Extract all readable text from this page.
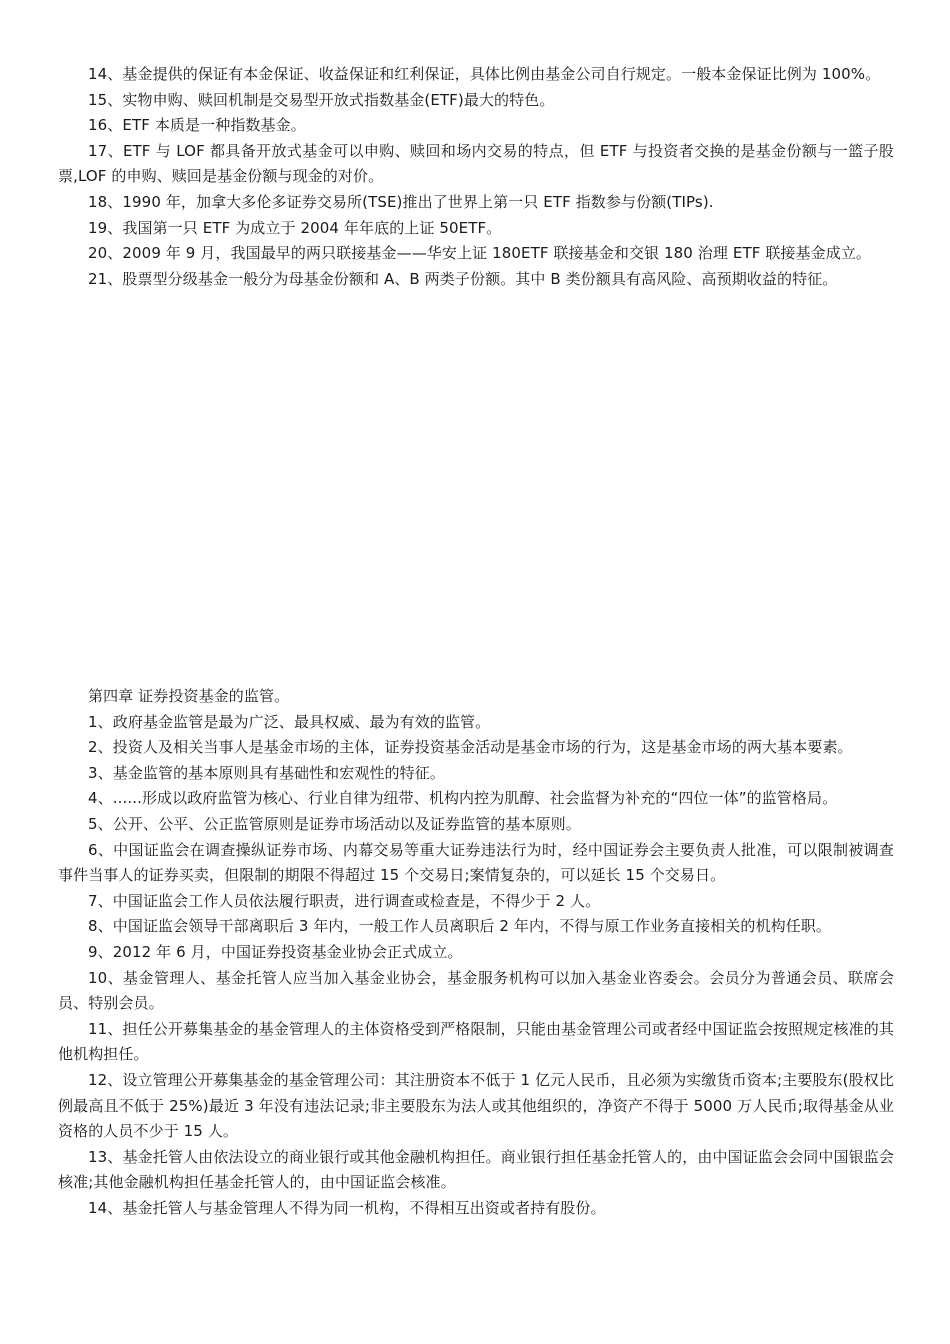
14、基金提供的保证有本金保证、收益保证和红利保证，具体比例由基金公司自行规定。一般本金保证比例为 100%。

15、实物申购、赎回机制是交易型开放式指数基金(ETF)最大的特色。

16、ETF 本质是一种指数基金。

17、ETF 与 LOF 都具备开放式基金可以申购、赎回和场内交易的特点，但 ETF 与投资者交换的是基金份额与一篮子股票,LOF 的申购、赎回是基金份额与现金的对价。

18、1990 年，加拿大多伦多证券交易所(TSE)推出了世界上第一只 ETF 指数参与份额(TIPs).

19、我国第一只 ETF 为成立于 2004 年年底的上证 50ETF。

20、2009 年 9 月，我国最早的两只联接基金——华安上证 180ETF 联接基金和交银 180 治理 ETF 联接基金成立。

21、股票型分级基金一般分为母基金份额和 A、B 两类子份额。其中 B 类份额具有高风险、高预期收益的特征。

第四章 证券投资基金的监管。

1、政府基金监管是最为广泛、最具权威、最为有效的监管。

2、投资人及相关当事人是基金市场的主体，证券投资基金活动是基金市场的行为，这是基金市场的两大基本要素。

3、基金监管的基本原则具有基础性和宏观性的特征。

4、......形成以政府监管为核心、行业自律为纽带、机构内控为肌醇、社会监督为补充的“四位一体”的监管格局。

5、公开、公平、公正监管原则是证券市场活动以及证券监管的基本原则。

6、中国证监会在调查操纵证券市场、内幕交易等重大证券违法行为时，经中国证券会主要负责人批准，可以限制被调查事件当事人的证券买卖，但限制的期限不得超过 15 个交易日;案情复杂的，可以延长 15 个交易日。

7、中国证监会工作人员依法履行职责，进行调查或检查是，不得少于 2 人。

8、中国证监会领导干部离职后 3 年内，一般工作人员离职后 2 年内，不得与原工作业务直接相关的机构任职。

9、2012 年 6 月，中国证券投资基金业协会正式成立。

10、基金管理人、基金托管人应当加入基金业协会，基金服务机构可以加入基金业咨委会。会员分为普通会员、联席会员、特别会员。

11、担任公开募集基金的基金管理人的主体资格受到严格限制，只能由基金管理公司或者经中国证监会按照规定核准的其他机构担任。

12、设立管理公开募集基金的基金管理公司：其注册资本不低于 1 亿元人民币，且必须为实缴货币资本;主要股东(股权比例最高且不低于 25%)最近 3 年没有违法记录;非主要股东为法人或其他组织的，净资产不得于 5000 万人民币;取得基金从业资格的人员不少于 15 人。

13、基金托管人由依法设立的商业银行或其他金融机构担任。商业银行担任基金托管人的，由中国证监会会同中国银监会核准;其他金融机构担任基金托管人的，由中国证监会核准。

14、基金托管人与基金管理人不得为同一机构，不得相互出资或者持有股份。
